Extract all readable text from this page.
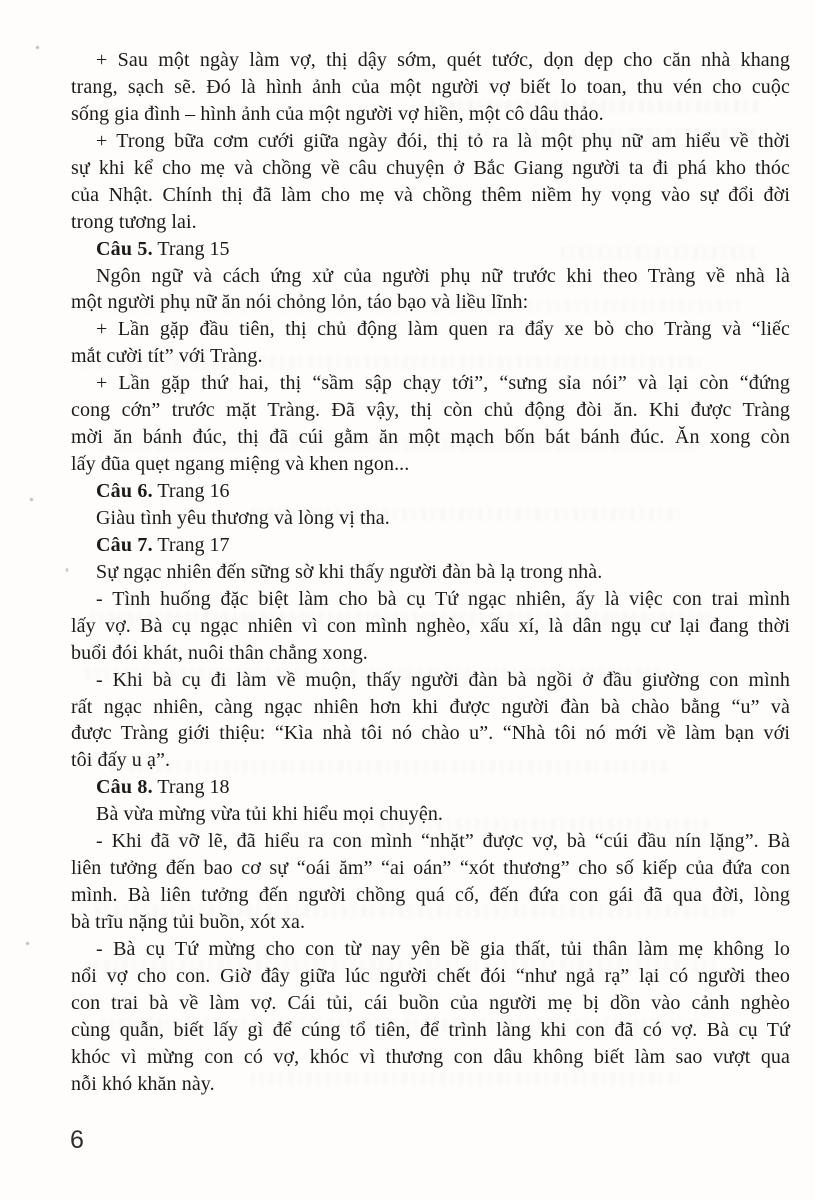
+ Sau một ngày làm vợ, thị dậy sớm, quét tước, dọn dẹp cho căn nhà khang
trang, sạch sẽ. Đó là hình ảnh của một người vợ biết lo toan, thu vén cho cuộc
sống gia đình – hình ảnh của một người vợ hiền, một cô dâu thảo.

+ Trong bữa cơm cưới giữa ngày đói, thị tỏ ra là một phụ nữ am hiểu về thời
sự khi kể cho mẹ và chồng về câu chuyện ở Bắc Giang người ta đi phá kho thóc
của Nhật. Chính thị đã làm cho mẹ và chồng thêm niềm hy vọng vào sự đổi đời
trong tương lai.

Câu 5. Trang 15

Ngôn ngữ và cách ứng xử của người phụ nữ trước khi theo Tràng về nhà là
một người phụ nữ ăn nói chỏng lỏn, táo bạo và liều lĩnh:

+ Lần gặp đầu tiên, thị chủ động làm quen ra đẩy xe bò cho Tràng và “liếc
mắt cười tít” với Tràng.

+ Lần gặp thứ hai, thị “sầm sập chạy tới”, “sưng sỉa nói” và lại còn “đứng
cong cớn” trước mặt Tràng. Đã vậy, thị còn chủ động đòi ăn. Khi được Tràng
mời ăn bánh đúc, thị đã cúi gằm ăn một mạch bốn bát bánh đúc. Ăn xong còn
lấy đũa quẹt ngang miệng và khen ngon...

Câu 6. Trang 16

Giàu tình yêu thương và lòng vị tha.

Câu 7. Trang 17

Sự ngạc nhiên đến sững sờ khi thấy người đàn bà lạ trong nhà.

- Tình huống đặc biệt làm cho bà cụ Tứ ngạc nhiên, ấy là việc con trai mình
lấy vợ. Bà cụ ngạc nhiên vì con mình nghèo, xấu xí, là dân ngụ cư lại đang thời
buổi đói khát, nuôi thân chẳng xong.

- Khi bà cụ đi làm về muộn, thấy người đàn bà ngồi ở đầu giường con mình
rất ngạc nhiên, càng ngạc nhiên hơn khi được người đàn bà chào bằng “u” và
được Tràng giới thiệu: “Kìa nhà tôi nó chào u”. “Nhà tôi nó mới về làm bạn với
tôi đấy u ạ”.

Câu 8. Trang 18

Bà vừa mừng vừa tủi khi hiểu mọi chuyện.

- Khi đã vỡ lẽ, đã hiểu ra con mình “nhặt” được vợ, bà “cúi đầu nín lặng”. Bà
liên tưởng đến bao cơ sự “oái ăm” “ai oán” “xót thương” cho số kiếp của đứa con
mình. Bà liên tưởng đến người chồng quá cố, đến đứa con gái đã qua đời, lòng
bà trĩu nặng tủi buồn, xót xa.

- Bà cụ Tứ mừng cho con từ nay yên bề gia thất, tủi thân làm mẹ không lo
nổi vợ cho con. Giờ đây giữa lúc người chết đói “như ngả rạ” lại có người theo
con trai bà về làm vợ. Cái tủi, cái buồn của người mẹ bị dồn vào cảnh nghèo
cùng quẫn, biết lấy gì để cúng tổ tiên, để trình làng khi con đã có vợ. Bà cụ Tứ
khóc vì mừng con có vợ, khóc vì thương con dâu không biết làm sao vượt qua
nỗi khó khăn này.

6
